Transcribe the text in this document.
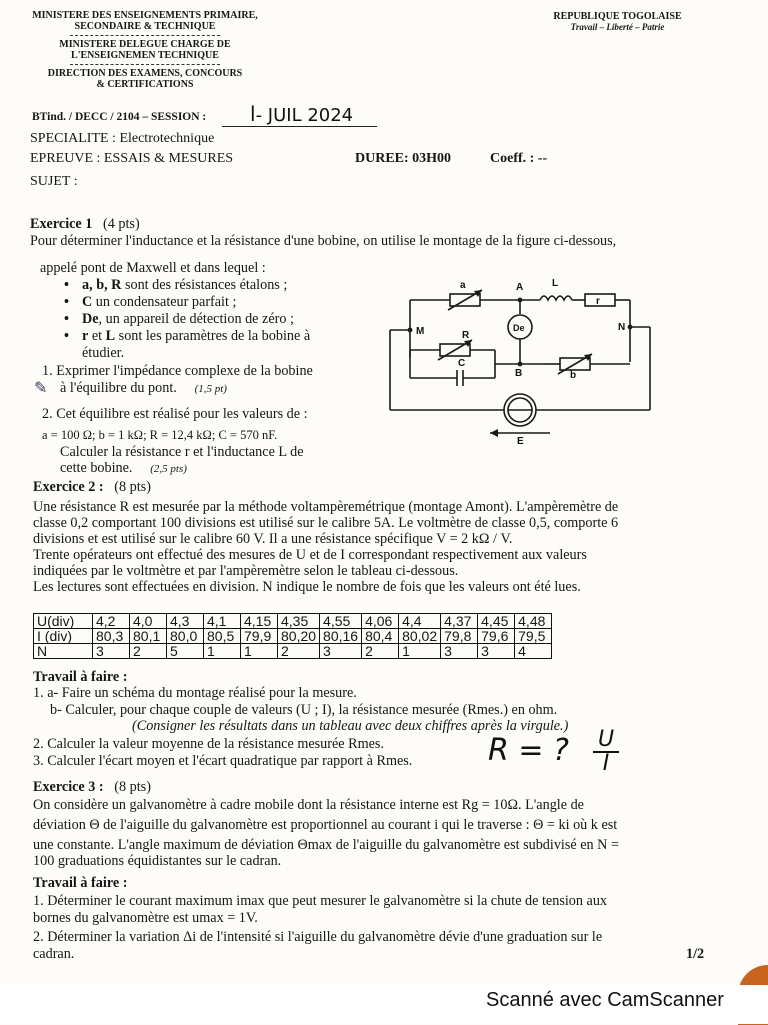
MINISTERE DES ENSEIGNEMENTS PRIMAIRE,
SECONDAIRE & TECHNIQUE
MINISTERE DELEGUE CHARGE DE
L'ENSEIGNEMEN TECHNIQUE
DIRECTION DES EXAMENS, CONCOURS
& CERTIFICATIONS
REPUBLIQUE TOGOLAISE
Travail – Liberté – Patrie
BTind. / DECC / 2104 – SESSION : l- JUIL 2024
SPECIALITE : Electrotechnique
EPREUVE : ESSAIS & MESURES	DUREE: 03H00	Coeff. : --
SUJET :
Exercice 1 (4 pts)
Pour déterminer l'inductance et la résistance d'une bobine, on utilise le montage de la figure ci-dessous,
appelé pont de Maxwell et dans lequel :
• a, b, R sont des résistances étalons ;
• C un condensateur parfait ;
• De, un appareil de détection de zéro ;
• r et L sont les paramètres de la bobine à
étudier.
1. Exprimer l'impédance complexe de la bobine
✎ à l'équilibre du pont. (1,5 pt)
2. Cet équilibre est réalisé pour les valeurs de :
a = 100 Ω; b = 1 kΩ; R = 12,4 kΩ; C = 570 nF.
Calculer la résistance r et l'inductance L de
cette bobine. (2,5 pts)
a	A	L
r
M	N
De
R
C
B	b
E
Exercice 2 : (8 pts)
Une résistance R est mesurée par la méthode voltampèremétrique (montage Amont). L'ampèremètre de
classe 0,2 comportant 100 divisions est utilisé sur le calibre 5A. Le voltmètre de classe 0,5, comporte 6
divisions et est utilisé sur le calibre 60 V. Il a une résistance spécifique V = 2 kΩ / V.
Trente opérateurs ont effectué des mesures de U et de I correspondant respectivement aux valeurs
indiquées par le voltmètre et par l'ampèremètre selon le tableau ci-dessous.
Les lectures sont effectuées en division. N indique le nombre de fois que les valeurs ont été lues.
U(div)	4,2	4,0	4,3	4,1	4,15	4,35	4,55	4,06	4,4	4,37	4,45	4,48
I (div)	80,3	80,1	80,0	80,5	79,9	80,20	80,16	80,4	80,02	79,8	79,6	79,5
N	3	2	5	1	1	2	3	2	1	3	3	4
Travail à faire :
1. a- Faire un schéma du montage réalisé pour la mesure.
b- Calculer, pour chaque couple de valeurs (U ; I), la résistance mesurée (Rmes.) en ohm.
(Consigner les résultats dans un tableau avec deux chiffres après la virgule.)
2. Calculer la valeur moyenne de la résistance mesurée Rmes.
3. Calculer l'écart moyen et l'écart quadratique par rapport à Rmes.	R = ? U
I
Exercice 3 : (8 pts)
On considère un galvanomètre à cadre mobile dont la résistance interne est Rg = 10Ω. L'angle de
déviation Θ de l'aiguille du galvanomètre est proportionnel au courant i qui le traverse : Θ = ki où k est
une constante. L'angle maximum de déviation Θmax de l'aiguille du galvanomètre est subdivisé en N =
100 graduations équidistantes sur le cadran.
Travail à faire :
1. Déterminer le courant maximum imax que peut mesurer le galvanomètre si la chute de tension aux
bornes du galvanomètre est umax = 1V.
2. Déterminer la variation Δi de l'intensité si l'aiguille du galvanomètre dévie d'une graduation sur le
cadran.	1/2
Scanné avec CamScanner
